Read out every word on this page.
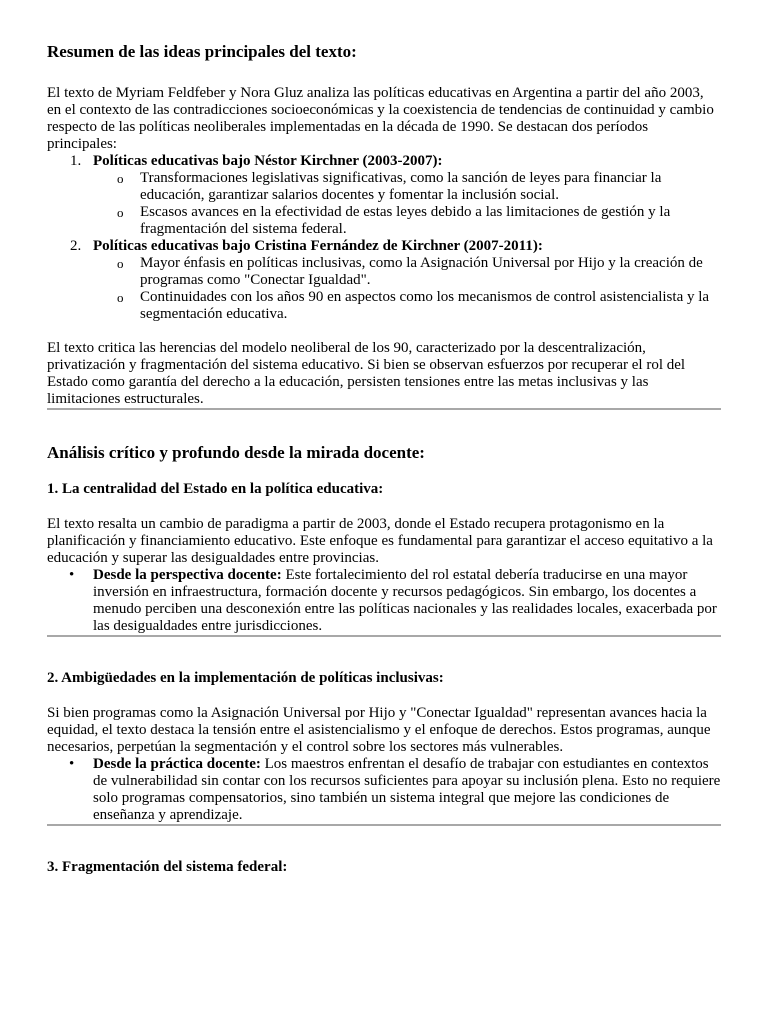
Resumen de las ideas principales del texto:

El texto de Myriam Feldfeber y Nora Gluz analiza las políticas educativas en Argentina a partir del año 2003, en el contexto de las contradicciones socioeconómicas y la coexistencia de tendencias de continuidad y cambio respecto de las políticas neoliberales implementadas en la década de 1990. Se destacan dos períodos principales:

1. Políticas educativas bajo Néstor Kirchner (2003-2007):
o Transformaciones legislativas significativas, como la sanción de leyes para financiar la educación, garantizar salarios docentes y fomentar la inclusión social.
o Escasos avances en la efectividad de estas leyes debido a las limitaciones de gestión y la fragmentación del sistema federal.
2. Políticas educativas bajo Cristina Fernández de Kirchner (2007-2011):
o Mayor énfasis en políticas inclusivas, como la Asignación Universal por Hijo y la creación de programas como "Conectar Igualdad".
o Continuidades con los años 90 en aspectos como los mecanismos de control asistencialista y la segmentación educativa.

El texto critica las herencias del modelo neoliberal de los 90, caracterizado por la descentralización, privatización y fragmentación del sistema educativo. Si bien se observan esfuerzos por recuperar el rol del Estado como garantía del derecho a la educación, persisten tensiones entre las metas inclusivas y las limitaciones estructurales.

Análisis crítico y profundo desde la mirada docente:
1. La centralidad del Estado en la política educativa:

El texto resalta un cambio de paradigma a partir de 2003, donde el Estado recupera protagonismo en la planificación y financiamiento educativo. Este enfoque es fundamental para garantizar el acceso equitativo a la educación y superar las desigualdades entre provincias.

• Desde la perspectiva docente: Este fortalecimiento del rol estatal debería traducirse en una mayor inversión en infraestructura, formación docente y recursos pedagógicos. Sin embargo, los docentes a menudo perciben una desconexión entre las políticas nacionales y las realidades locales, exacerbada por las desigualdades entre jurisdicciones.
2. Ambigüedades en la implementación de políticas inclusivas:

Si bien programas como la Asignación Universal por Hijo y "Conectar Igualdad" representan avances hacia la equidad, el texto destaca la tensión entre el asistencialismo y el enfoque de derechos. Estos programas, aunque necesarios, perpetúan la segmentación y el control sobre los sectores más vulnerables.

• Desde la práctica docente: Los maestros enfrentan el desafío de trabajar con estudiantes en contextos de vulnerabilidad sin contar con los recursos suficientes para apoyar su inclusión plena. Esto no requiere solo programas compensatorios, sino también un sistema integral que mejore las condiciones de enseñanza y aprendizaje.
3. Fragmentación del sistema federal:
